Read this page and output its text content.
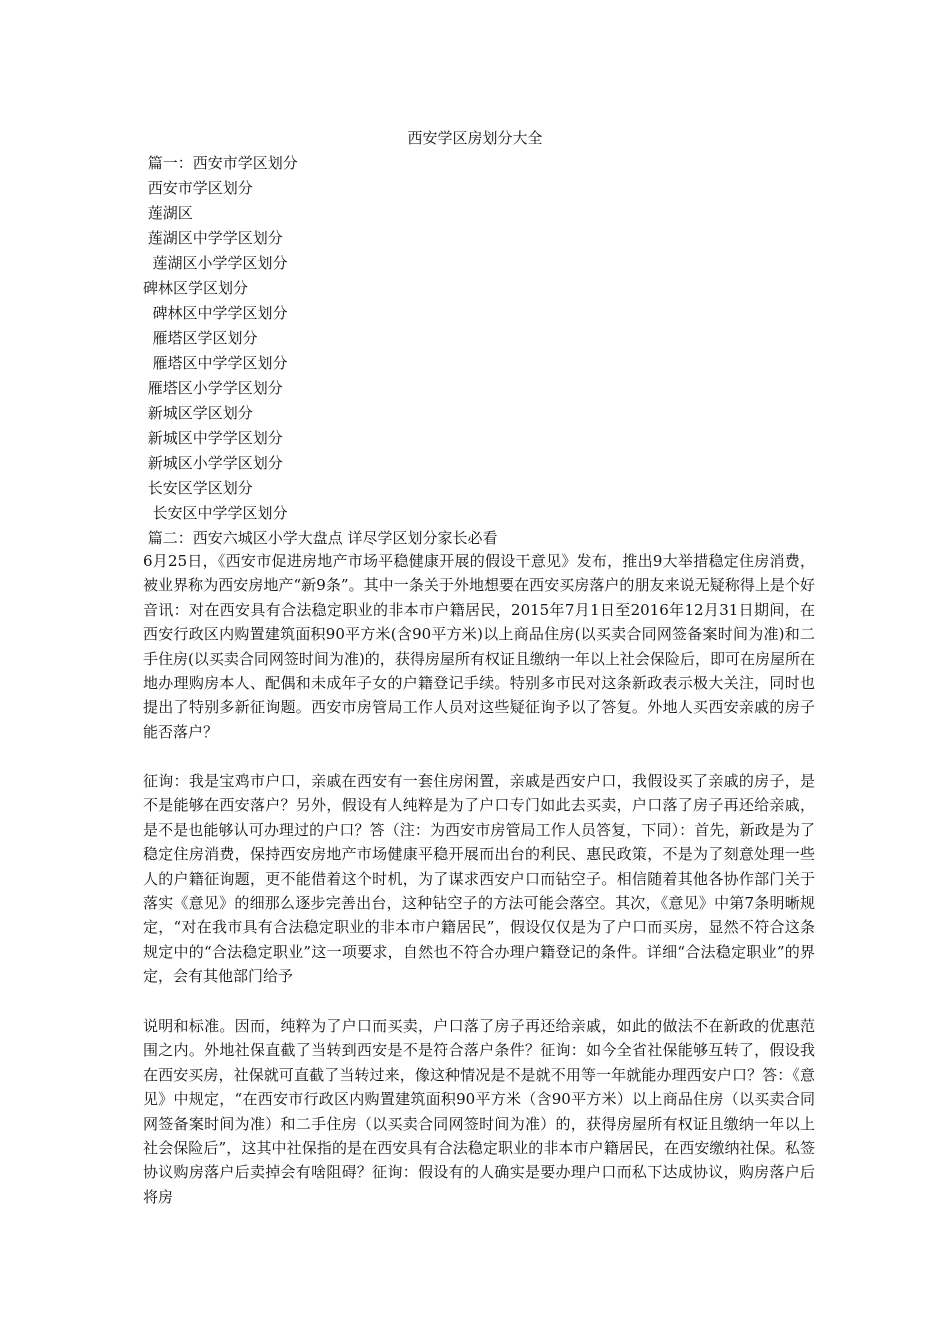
西安学区房划分大全
篇一：西安市学区划分
西安市学区划分
莲湖区
莲湖区中学学区划分
莲湖区小学学区划分
碑林区学区划分
碑林区中学学区划分
雁塔区学区划分
雁塔区中学学区划分
雁塔区小学学区划分
新城区学区划分
新城区中学学区划分
新城区小学学区划分
长安区学区划分
长安区中学学区划分
篇二：西安六城区小学大盘点 详尽学区划分家长必看

6月25日，《西安市促进房地产市场平稳健康开展的假设干意见》发布，推出9大举措稳定住房消费，被业界称为西安房地产“新9条”。其中一条关于外地想要在西安买房落户的朋友来说无疑称得上是个好音讯：对在西安具有合法稳定职业的非本市户籍居民，2015年7月1日至2016年12月31日期间，在西安行政区内购置建筑面积90平方米(含90平方米)以上商品住房(以买卖合同网签备案时间为准)和二手住房(以买卖合同网签时间为准)的，获得房屋所有权证且缴纳一年以上社会保险后，即可在房屋所在地办理购房本人、配偶和未成年子女的户籍登记手续。特别多市民对这条新政表示极大关注，同时也提出了特别多新征询题。西安市房管局工作人员对这些疑征询予以了答复。外地人买西安亲戚的房子能否落户？

征询：我是宝鸡市户口，亲戚在西安有一套住房闲置，亲戚是西安户口，我假设买了亲戚的房子，是不是能够在西安落户？另外，假设有人纯粹是为了户口专门如此去买卖，户口落了房子再还给亲戚，是不是也能够认可办理过的户口？答（注：为西安市房管局工作人员答复，下同）：首先，新政是为了稳定住房消费，保持西安房地产市场健康平稳开展而出台的利民、惠民政策，不是为了刻意处理一些人的户籍征询题，更不能借着这个时机，为了谋求西安户口而钻空子。相信随着其他各协作部门关于落实《意见》的细那么逐步完善出台，这种钻空子的方法可能会落空。其次，《意见》中第7条明晰规定，“对在我市具有合法稳定职业的非本市户籍居民”，假设仅仅是为了户口而买房，显然不符合这条规定中的“合法稳定职业”这一项要求，自然也不符合办理户籍登记的条件。详细“合法稳定职业”的界定，会有其他部门给予

说明和标准。因而，纯粹为了户口而买卖，户口落了房子再还给亲戚，如此的做法不在新政的优惠范围之内。外地社保直截了当转到西安是不是符合落户条件？征询：如今全省社保能够互转了，假设我在西安买房，社保就可直截了当转过来，像这种情况是不是就不用等一年就能办理西安户口？答：《意见》中规定，“在西安市行政区内购置建筑面积90平方米（含90平方米）以上商品住房（以买卖合同网签备案时间为准）和二手住房（以买卖合同网签时间为准）的，获得房屋所有权证且缴纳一年以上社会保险后”，这其中社保指的是在西安具有合法稳定职业的非本市户籍居民，在西安缴纳社保。私签协议购房落户后卖掉会有啥阻碍？征询：假设有的人确实是要办理户口而私下达成协议，购房落户后将房
